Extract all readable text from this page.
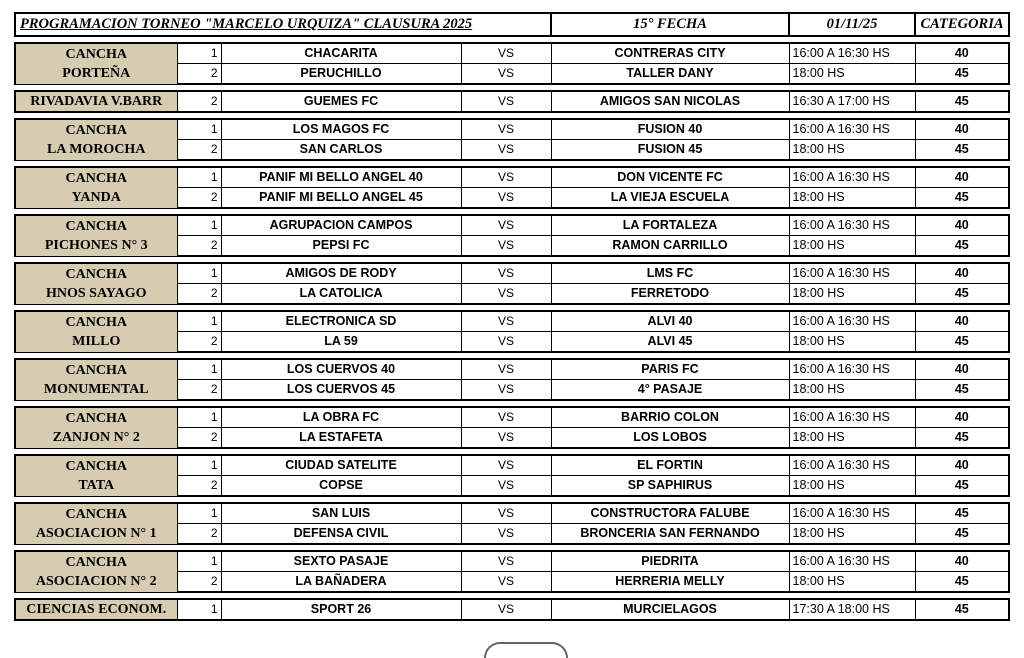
PROGRAMACION TORNEO "MARCELO URQUIZA" CLAUSURA 2025				15° FECHA	01/11/25	CATEGORIA

CANCHA
PORTEÑA	1	CHACARITA	VS	CONTRERAS CITY	16:00 A 16:30 HS	40
	2	PERUCHILLO	VS	TALLER DANY	18:00 HS	45

RIVADAVIA V.BARR	2	GUEMES FC	VS	AMIGOS SAN NICOLAS	16:30 A 17:00 HS	45

CANCHA
LA MOROCHA	1	LOS MAGOS FC	VS	FUSION 40	16:00 A 16:30 HS	40
	2	SAN CARLOS	VS	FUSION 45	18:00 HS	45

CANCHA
YANDA	1	PANIF MI BELLO ANGEL 40	VS	DON VICENTE FC	16:00 A 16:30 HS	40
	2	PANIF MI BELLO ANGEL 45	VS	LA VIEJA ESCUELA	18:00 HS	45

CANCHA
PICHONES N° 3	1	AGRUPACION CAMPOS	VS	LA FORTALEZA	16:00 A 16:30 HS	40
	2	PEPSI FC	VS	RAMON CARRILLO	18:00 HS	45

CANCHA
HNOS SAYAGO	1	AMIGOS DE RODY	VS	LMS FC	16:00 A 16:30 HS	40
	2	LA CATOLICA	VS	FERRETODO	18:00 HS	45

CANCHA
MILLO	1	ELECTRONICA SD	VS	ALVI 40	16:00 A 16:30 HS	40
	2	LA 59	VS	ALVI 45	18:00 HS	45

CANCHA
MONUMENTAL	1	LOS CUERVOS 40	VS	PARIS FC	16:00 A 16:30 HS	40
	2	LOS CUERVOS 45	VS	4° PASAJE	18:00 HS	45

CANCHA
ZANJON N° 2	1	LA OBRA FC	VS	BARRIO COLON	16:00 A 16:30 HS	40
	2	LA ESTAFETA	VS	LOS LOBOS	18:00 HS	45

CANCHA
TATA	1	CIUDAD SATELITE	VS	EL FORTIN	16:00 A 16:30 HS	40
	2	COPSE	VS	SP SAPHIRUS	18:00 HS	45

CANCHA
ASOCIACION N° 1	1	SAN LUIS	VS	CONSTRUCTORA FALUBE	16:00 A 16:30 HS	45
	2	DEFENSA CIVIL	VS	BRONCERIA SAN FERNANDO	18:00 HS	45

CANCHA
ASOCIACION N° 2	1	SEXTO PASAJE	VS	PIEDRITA	16:00 A 16:30 HS	40
	2	LA BAÑADERA	VS	HERRERIA MELLY	18:00 HS	45

CIENCIAS ECONOM.	1	SPORT 26	VS	MURCIELAGOS	17:30 A 18:00 HS	45
